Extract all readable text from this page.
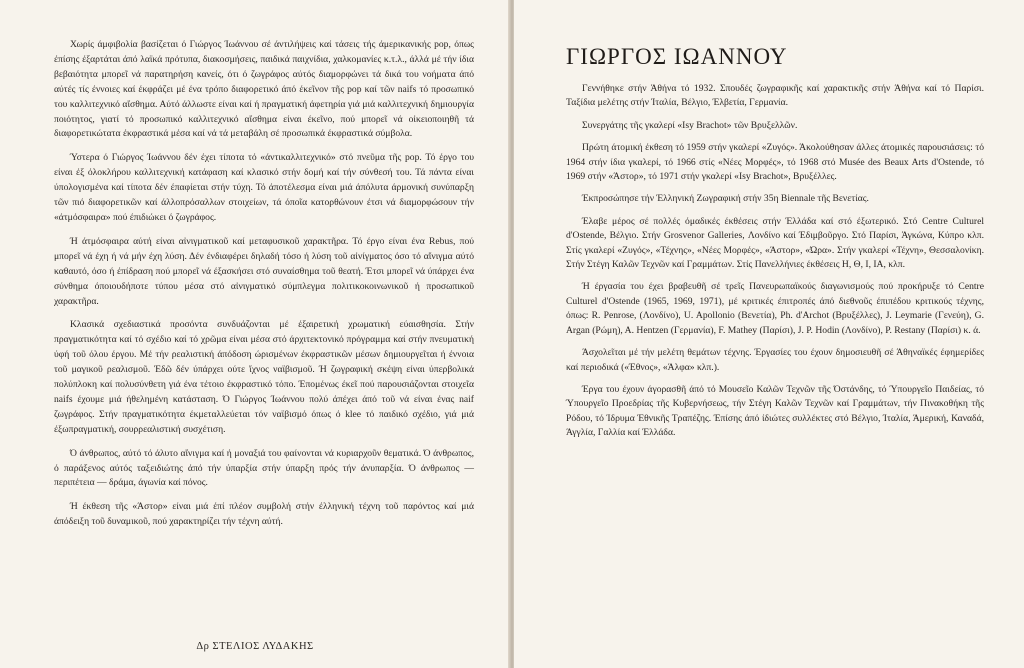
Χωρίς άμφιβολία βασίζεται ό Γιώργος Ίωάννου σέ άντιλήψεις καί τάσεις τής άμερικανικής pop, όπως έπίσης έξαρτάται άπό λαϊκά πρότυπα, διακοσμήσεις, παιδικά παιχνίδια, χαλκομανίες κ.τ.λ., άλλά μέ τήν ίδια βεβαιότητα μπορεῖ νά παρατηρήση κανείς, ότι ό ζωγράφος αύτός διαμορφώνει τά δικά του νοήματα άπό αύτές τίς έννοιες καί έκφράζει μέ ένα τρόπο διαφορετικό άπό έκεῖνον τῆς pop καί τῶν naifs τό προσωπικό του καλλιτεχνικό αἴσθημα. Αύτό άλλωστε είναι καί ή πραγματική άφετηρία γιά μιά καλλιτεχνική δημιουργία ποιότητος, γιατί τό προσωπικό καλλιτεχνικό αἴσθημα είναι έκεῖνο, πού μπορεῖ νά οἰκειοποιηθῆ τά διαφορετικώτατα έκφραστικά μέσα καί νά τά μεταβάλη σέ προσωπικά έκφραστικά σύμβολα.

Ύστερα ό Γιώργος Ίωάννου δέν έχει τίποτα τό «άντικαλλιτεχνικό» στό πνεῦμα τῆς pop. Τό έργο του είναι έξ όλοκλήρου καλλιτεχνική κατάφαση καί κλασικό στήν δομή καί τήν σύνθεσή του. Τά πάντα είναι ύπολογισμένα καί τίποτα δέν έπαφίεται στήν τύχη. Τό άποτέλεσμα είναι μιά άπόλυτα άρμονική συνύπαρξη τῶν πιό διαφορετικῶν καί άλλοπρόσαλλων στοιχείων, τά όποῖα κατορθώνουν έτσι νά διαμορφώσουν τήν «άτμόσφαιρα» πού έπιδιώκει ό ζωγράφος.

Ή άτμόσφαιρα αύτή είναι αἰνιγματικοῦ καί μεταφυσικοῦ χαρακτῆρα. Τό έργο είναι ένα Rebus, πού μπορεῖ νά έχη ή νά μήν έχη λύση. Δέν ένδιαφέρει δηλαδή τόσο ή λύση τοῦ αἰνίγματος όσο τό αἴνιγμα αύτό καθαυτό, όσο ή έπίδραση πού μπορεῖ νά έξασκήσει στό συναίσθημα τοῦ θεατή. Έτσι μπορεῖ νά ύπάρχει ένα σύνθημα όποιουδήποτε τύπου μέσα στό αἰνιγματικό σύμπλεγμα πολιτικοκοινωνικοῦ ή προσωπικοῦ χαρακτῆρα.

Κλασικά σχεδιαστικά προσόντα συνδυάζονται μέ έξαιρετική χρωματική εύαισθησία. Στήν πραγματικότητα καί τό σχέδιο καί τό χρῶμα είναι μέσα στό άρχιτεκτονικό πρόγραμμα καί στήν πνευματική ύφή τοῦ όλου έργου. Μέ τήν ρεαλιστική άπόδοση ώρισμένων έκφραστικῶν μέσων δημιουργεῖται ή έννοια τοῦ μαγικοῦ ρεαλισμοῦ. Έδῶ δέν ύπάρχει ούτε ἴχνος ναϊβισμοῦ. Ή ζωγραφική σκέψη είναι ύπερβολικά πολύπλοκη καί πολυσύνθετη γιά ένα τέτοιο έκφραστικό τόπο. Έπομένως έκεῖ πού παρουσιάζονται στοιχεῖα naifs έχουμε μιά ήθελημένη κατάσταση. Ό Γιώργος Ίωάννου πολύ άπέχει άπό τοῦ νά είναι ένας naif ζωγράφος. Στήν πραγματικότητα έκμεταλλεύεται τόν ναϊβισμό όπως ό klee τό παιδικό σχέδιο, γιά μιά έξωπραγματική, σουρρεαλιστική συσχέτιση.

Ό άνθρωπος, αύτό τό άλυτο αἴνιγμα καί ή μοναξιά του φαίνονται νά κυριαρχοῦν θεματικά. Ό άνθρωπος, ό παράξενος αύτός ταξειδιώτης άπό τήν ύπαρξία στήν ύπαρξη πρός τήν άνυπαρξία. Ό άνθρωπος — περιπέτεια — δράμα, άγωνία καί πόνος.

Ή έκθεση τῆς «Άστορ» είναι μιά έπί πλέον συμβολή στήν έλληνική τέχνη τοῦ παρόντος καί μιά άπόδειξη τοῦ δυναμικοῦ, πού χαρακτηρίζει τήν τέχνη αύτή.

Δρ ΣΤΕΛΙΟΣ ΛΥΔΑΚΗΣ
ΓΙΩΡΓΟΣ ΙΩΑΝΝΟΥ

Γεννήθηκε στήν Άθήνα τό 1932. Σπουδές ζωγραφικῆς καί χαρακτικῆς στήν Άθήνα καί τό Παρίσι. Ταξίδια μελέτης στήν Ίταλία, Βέλγιο, Έλβετία, Γερμανία.

Συνεργάτης τῆς γκαλερί «Isy Brachot» τῶν Βρυξελλῶν.

Πρώτη άτομική έκθεση τό 1959 στήν γκαλερί «Ζυγός». Άκολούθησαν άλλες άτομικές παρουσιάσεις: τό 1964 στήν ίδια γκαλερί, τό 1966 στίς «Νέες Μορφές», τό 1968 στό Musée des Beaux Arts d'Ostende, τό 1969 στήν «Άστορ», τό 1971 στήν γκαλερί «Isy Brachot», Βρυξέλλες.

Έκπροσώπησε τήν Έλληνική Ζωγραφική στήν 35η Biennale τῆς Βενετίας.

Έλαβε μέρος σέ πολλές όμαδικές έκθέσεις στήν Έλλάδα καί στό έξωτερικό. Στό Centre Culturel d'Ostende, Βέλγιο. Στήν Grosvenor Galleries, Λονδίνο καί Έδιμβοῦργο. Στό Παρίσι, Άγκώνα, Κύπρο κλπ. Στίς γκαλερί «Ζυγός», «Τέχνης», «Νέες Μορφές», «Άστορ», «Ώρα». Στήν γκαλερί «Τέχνη», Θεσσαλονίκη. Στήν Στέγη Καλῶν Τεχνῶν καί Γραμμάτων. Στίς Πανελλήνιες έκθέσεις Η, Θ, Ι, ΙΑ, κλπ.

Ή έργασία του έχει βραβευθῆ σέ τρεῖς Πανευρωπαϊκούς διαγωνισμούς πού προκήρυξε τό Centre Culturel d'Ostende (1965, 1969, 1971), μέ κριτικές έπιτροπές άπό διεθνοῦς έπιπέδου κριτικούς τέχνης, όπως: R. Penrose, (Λονδίνο), U. Apollonio (Βενετία), Ph. d'Archot (Βρυξέλλες), J. Leymarie (Γενεύη), G. Argan (Ρώμη), A. Hentzen (Γερμανία), F. Mathey (Παρίσι), J. P. Hodin (Λονδίνο), P. Restany (Παρίσι) κ. ά.

Άσχολεῖται μέ τήν μελέτη θεμάτων τέχνης. Έργασίες του έχουν δημοσιευθῆ σέ Άθηναϊκές έφημερίδες καί περιοδικά («Έθνος», «Άλφα» κλπ.).

Έργα του έχουν άγορασθῆ άπό τό Μουσεῖο Καλῶν Τεχνῶν τῆς Όστάνδης, τό Ύπουργεῖο Παιδείας, τό Ύπουργεῖο Προεδρίας τῆς Κυβερνήσεως, τήν Στέγη Καλῶν Τεχνῶν καί Γραμμάτων, τήν Πινακοθήκη τῆς Ρόδου, τό Ίδρυμα Έθνικῆς Τραπέζης. Έπίσης άπό ίδιώτες συλλέκτες στό Βέλγιο, Ίταλία, Άμερική, Καναδά, Άγγλία, Γαλλία καί Έλλάδα.
